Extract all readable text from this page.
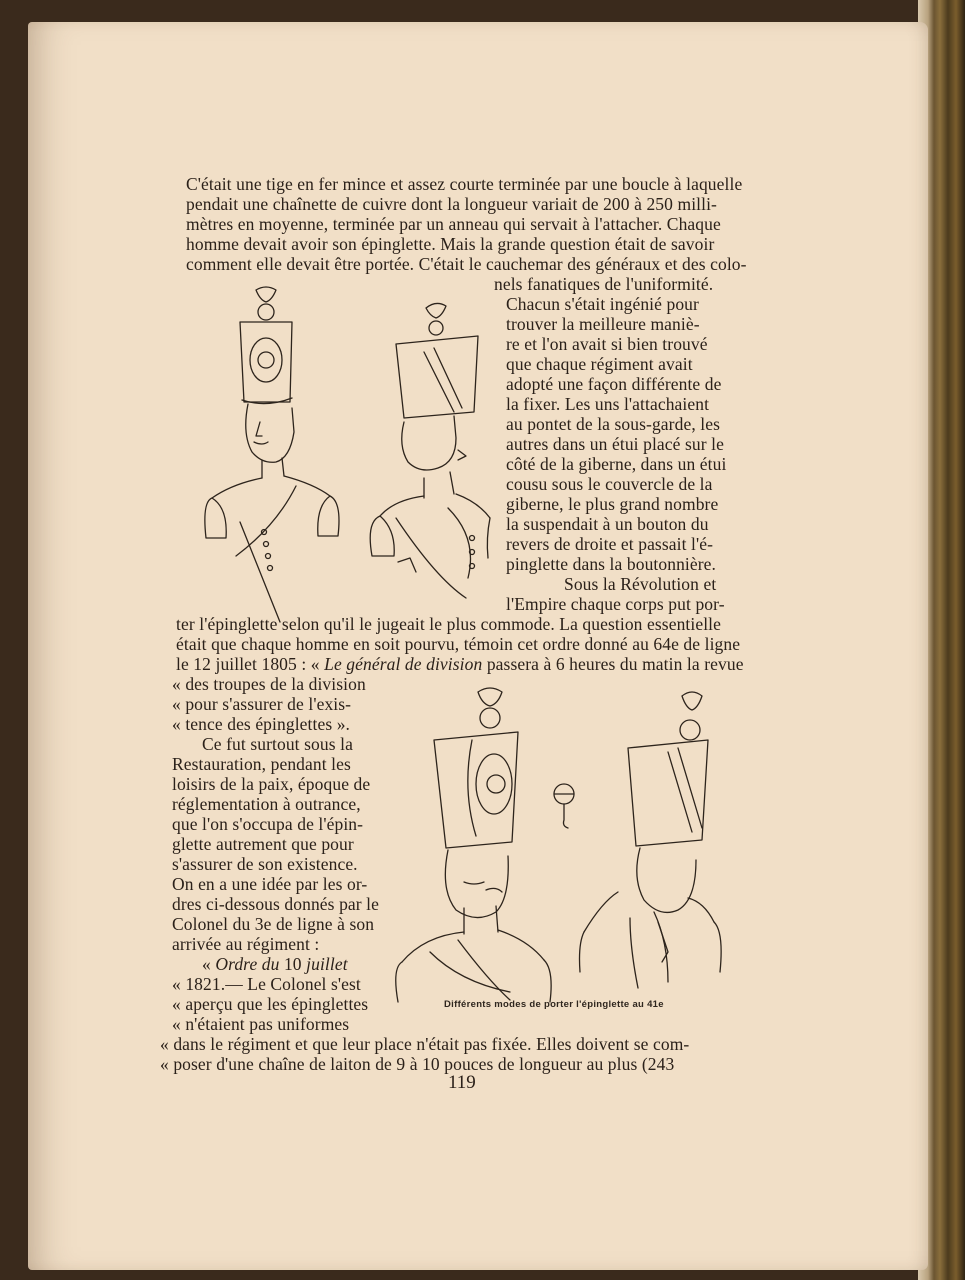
C'était une tige en fer mince et assez courte terminée par une boucle à laquelle
pendait une chaînette de cuivre dont la longueur variait de 200 à 250 milli-
mètres en moyenne, terminée par un anneau qui servait à l'attacher. Chaque
homme devait avoir son épinglette. Mais la grande question était de savoir
comment elle devait être portée. C'était le cauchemar des généraux et des colo-
nels fanatiques de l'uniformité.
Chacun s'était ingénié pour
trouver la meilleure maniè-
re et l'on avait si bien trouvé
que chaque régiment avait
adopté une façon différente de
la fixer. Les uns l'attachaient
au pontet de la sous-garde, les
autres dans un étui placé sur le
côté de la giberne, dans un étui
cousu sous le couvercle de la
giberne, le plus grand nombre
la suspendait à un bouton du
revers de droite et passait l'é-
pinglette dans la boutonnière.
Sous la Révolution et
l'Empire chaque corps put por-
ter l'épinglette selon qu'il le jugeait le plus commode. La question essentielle
était que chaque homme en soit pourvu, témoin cet ordre donné au 64e de ligne
le 12 juillet 1805 : « Le général de division passera à 6 heures du matin la revue
« des troupes de la division
« pour s'assurer de l'exis-
« tence des épinglettes ».
Ce fut surtout sous la
Restauration, pendant les
loisirs de la paix, époque de
réglementation à outrance,
que l'on s'occupa de l'épin-
glette autrement que pour
s'assurer de son existence.
On en a une idée par les or-
dres ci-dessous donnés par le
Colonel du 3e de ligne à son
arrivée au régiment :
« Ordre du 10 juillet
« 1821.— Le Colonel s'est
« aperçu que les épinglettes
« n'étaient pas uniformes
« dans le régiment et que leur place n'était pas fixée. Elles doivent se com-
« poser d'une chaîne de laiton de 9 à 10 pouces de longueur au plus (243
Différents modes de porter l'épinglette au 41e
119
